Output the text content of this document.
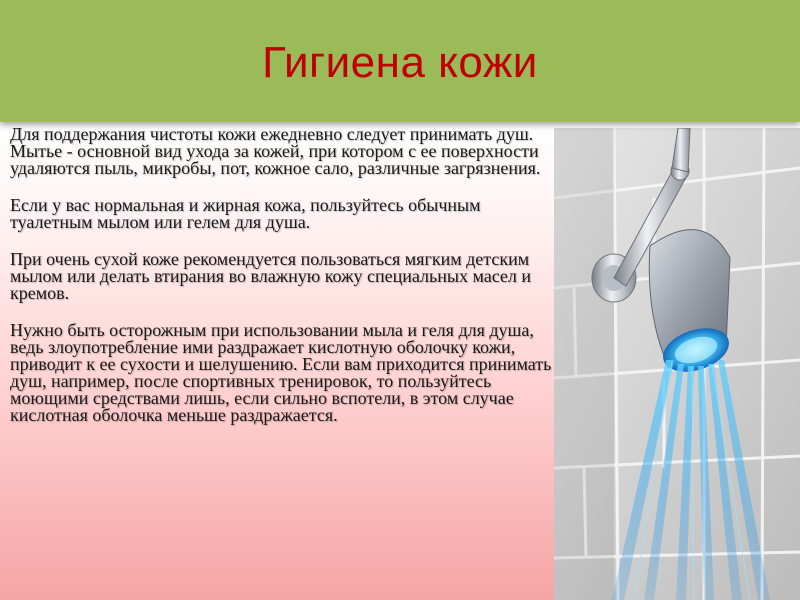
Гигиена кожи

Для поддержания чистоты кожи ежедневно следует принимать душ. Мытье - основной вид ухода за кожей, при котором с ее поверхности удаляются пыль, микробы, пот, кожное сало, различные загрязнения.

Если у вас нормальная и жирная кожа, пользуйтесь обычным туалетным мылом или гелем для душа.

При очень сухой коже рекомендуется пользоваться мягким детским мылом или делать втирания во влажную кожу специальных масел и кремов.

Нужно быть осторожным при использовании мыла и геля для душа, ведь злоупотребление ими раздражает кислотную оболочку кожи, приводит к ее сухости и шелушению. Если вам приходится принимать душ, например, после спортивных тренировок, то пользуйтесь моющими средствами лишь, если сильно вспотели, в этом случае кислотная оболочка меньше раздражается.
